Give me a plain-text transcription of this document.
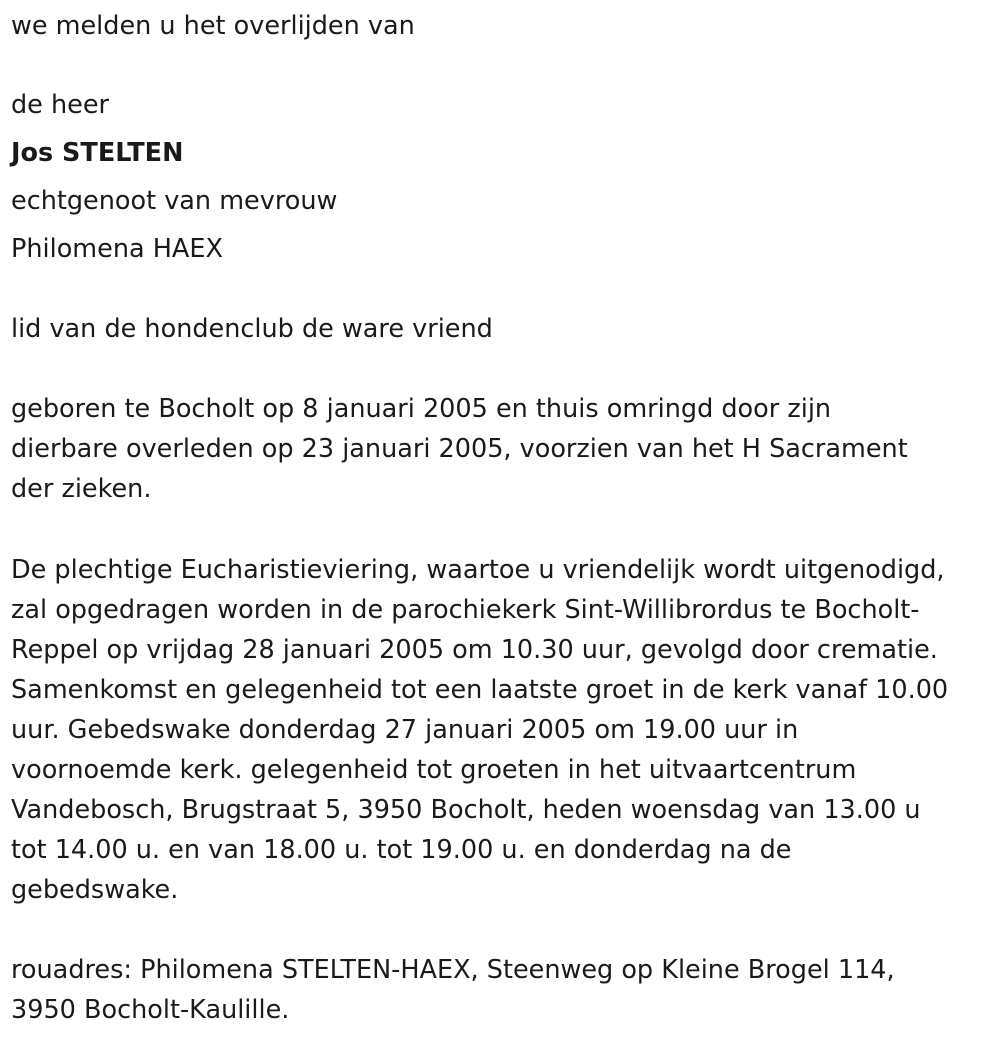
we melden u het overlijden van
de heer
Jos STELTEN
echtgenoot van mevrouw
Philomena HAEX
lid van de hondenclub de ware vriend
geboren te Bocholt op 8 januari 2005 en thuis omringd door zijn
dierbare overleden op 23 januari 2005, voorzien van het H Sacrament
der zieken.
De plechtige Eucharistieviering, waartoe u vriendelijk wordt uitgenodigd,
zal opgedragen worden in de parochiekerk Sint-Willibrordus te Bocholt-
Reppel op vrijdag 28 januari 2005 om 10.30 uur, gevolgd door crematie.
Samenkomst en gelegenheid tot een laatste groet in de kerk vanaf 10.00
uur. Gebedswake donderdag 27 januari 2005 om 19.00 uur in
voornoemde kerk. gelegenheid tot groeten in het uitvaartcentrum
Vandebosch, Brugstraat 5, 3950 Bocholt, heden woensdag van 13.00 u
tot 14.00 u. en van 18.00 u. tot 19.00 u. en donderdag na de
gebedswake.
rouadres: Philomena STELTEN-HAEX, Steenweg op Kleine Brogel 114,
3950 Bocholt-Kaulille.
